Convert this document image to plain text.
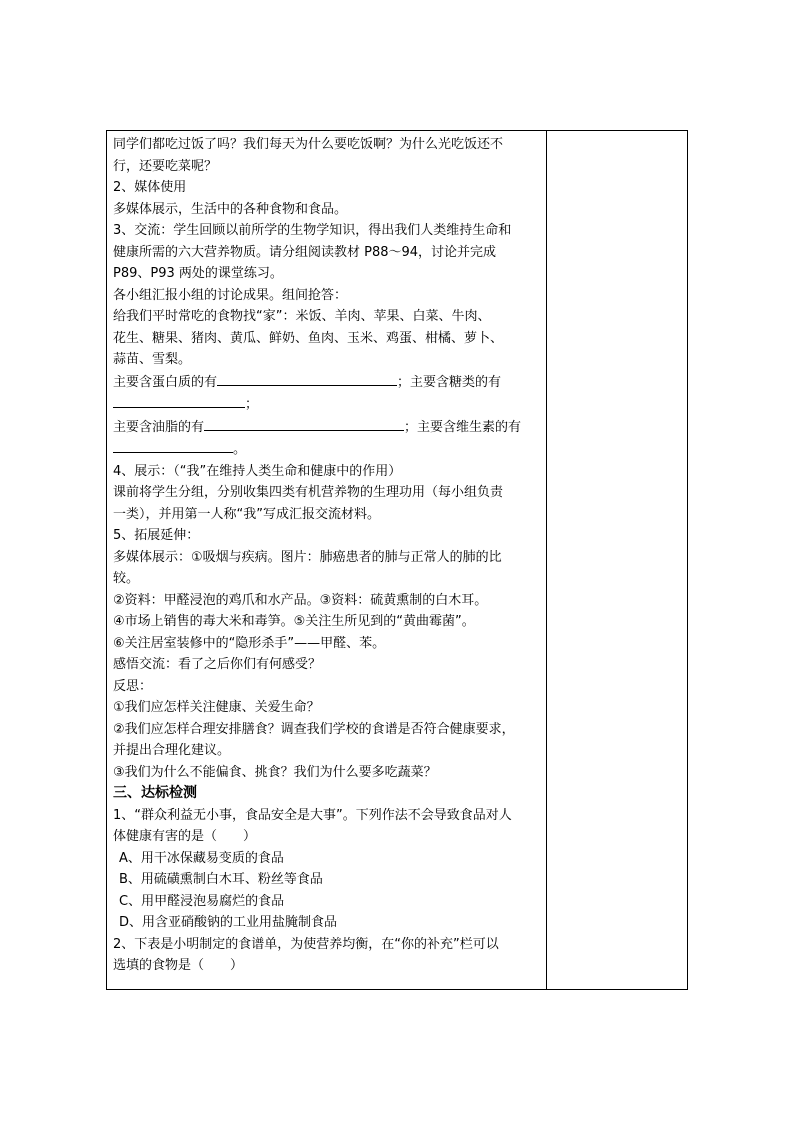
同学们都吃过饭了吗？我们每天为什么要吃饭啊？为什么光吃饭还不
行，还要吃菜呢？
2、媒体使用
多媒体展示，生活中的各种食物和食品。
3、交流：学生回顾以前所学的生物学知识，得出我们人类维持生命和
健康所需的六大营养物质。请分组阅读教材 P88～94，讨论并完成
P89、P93 两处的课堂练习。
各小组汇报小组的讨论成果。组间抢答：
给我们平时常吃的食物找“家”：米饭、羊肉、苹果、白菜、牛肉、
花生、糖果、猪肉、黄瓜、鲜奶、鱼肉、玉米、鸡蛋、柑橘、萝卜、
蒜苗、雪梨。
主要含蛋白质的有	；主要含糖类的有
；
主要含油脂的有	；主要含维生素的有
。
4、展示：（“我”在维持人类生命和健康中的作用）
课前将学生分组，分别收集四类有机营养物的生理功用（每小组负责
一类），并用第一人称“我”写成汇报交流材料。
5、拓展延伸：
多媒体展示：①吸烟与疾病。图片：肺癌患者的肺与正常人的肺的比
较。
②资料：甲醛浸泡的鸡爪和水产品。③资料：硫黄熏制的白木耳。
④市场上销售的毒大米和毒笋。⑤关注生所见到的“黄曲霉菌”。
⑥关注居室装修中的“隐形杀手”——甲醛、苯。
感悟交流：看了之后你们有何感受？
反思：
①我们应怎样关注健康、关爱生命？
②我们应怎样合理安排膳食？调查我们学校的食谱是否符合健康要求，
并提出合理化建议。
③我们为什么不能偏食、挑食？我们为什么要多吃蔬菜？
三、达标检测
1、“群众利益无小事，食品安全是大事”。下列作法不会导致食品对人
体健康有害的是（　　）
A、用干冰保藏易变质的食品
B、用硫磺熏制白木耳、粉丝等食品
C、用甲醛浸泡易腐烂的食品
D、用含亚硝酸钠的工业用盐腌制食品
2、下表是小明制定的食谱单，为使营养均衡，在“你的补充”栏可以
选填的食物是（　　）
